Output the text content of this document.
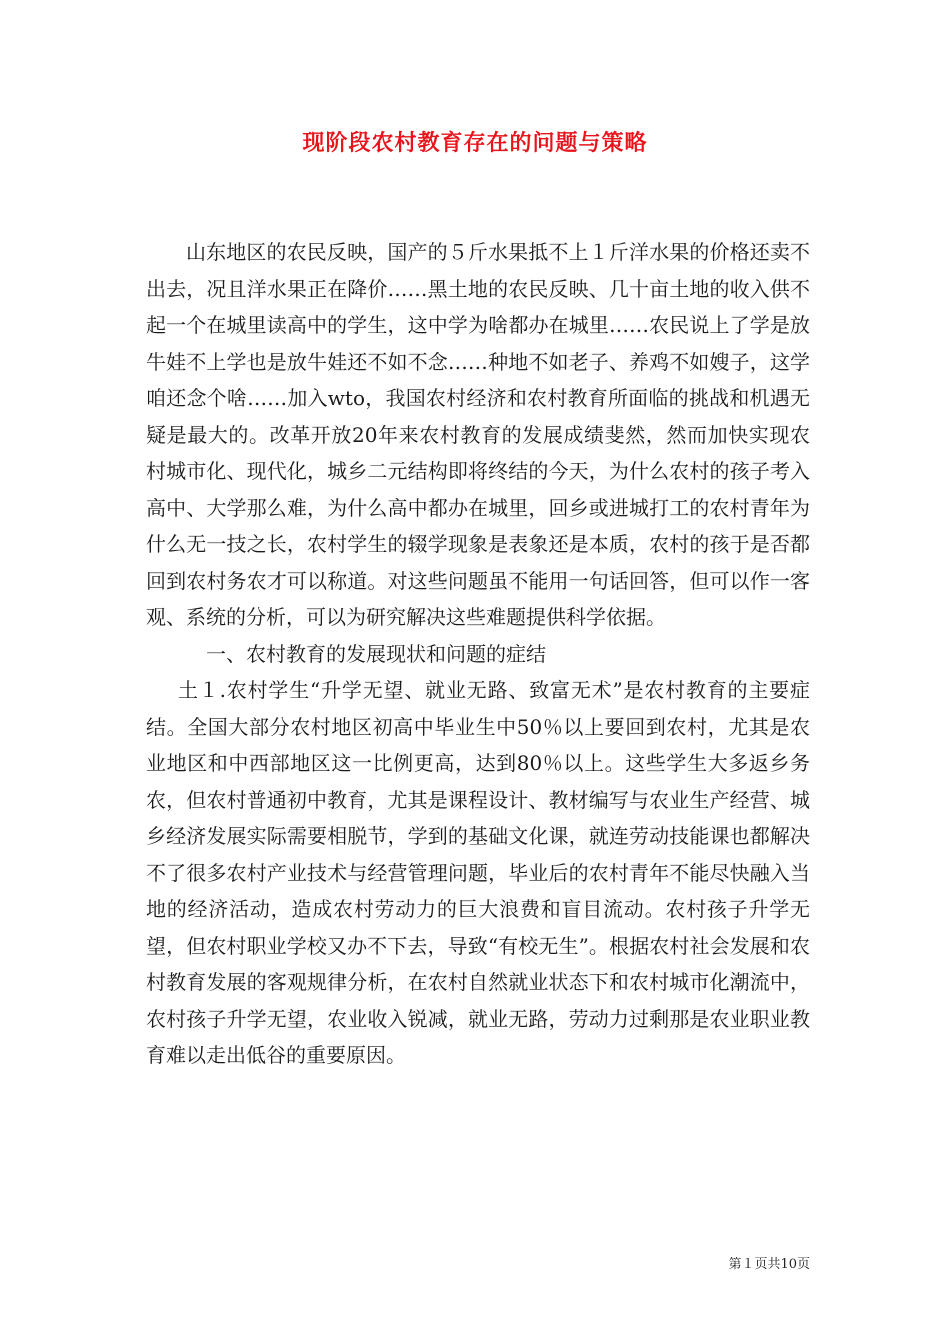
现阶段农村教育存在的问题与策略

山东地区的农民反映，国产的５斤水果抵不上１斤洋水果的价格还卖不出去，况且洋水果正在降价……黑土地的农民反映、几十亩土地的收入供不起一个在城里读高中的学生，这中学为啥都办在城里……农民说上了学是放牛娃不上学也是放牛娃还不如不念……种地不如老子、养鸡不如嫂子，这学咱还念个啥……加入wto，我国农村经济和农村教育所面临的挑战和机遇无疑是最大的。改革开放20年来农村教育的发展成绩斐然，然而加快实现农村城市化、现代化，城乡二元结构即将终结的今天，为什么农村的孩子考入高中、大学那么难，为什么高中都办在城里，回乡或进城打工的农村青年为什么无一技之长，农村学生的辍学现象是表象还是本质，农村的孩于是否都回到农村务农才可以称道。对这些问题虽不能用一句话回答，但可以作一客观、系统的分析，可以为研究解决这些难题提供科学依据。

一、农村教育的发展现状和问题的症结

土１.农村学生“升学无望、就业无路、致富无术”是农村教育的主要症结。全国大部分农村地区初高中毕业生中50％以上要回到农村，尤其是农业地区和中西部地区这一比例更高，达到80％以上。这些学生大多返乡务农，但农村普通初中教育，尤其是课程设计、教材编写与农业生产经营、城乡经济发展实际需要相脱节，学到的基础文化课，就连劳动技能课也都解决不了很多农村产业技术与经营管理问题，毕业后的农村青年不能尽快融入当地的经济活动，造成农村劳动力的巨大浪费和盲目流动。农村孩子升学无望，但农村职业学校又办不下去，导致“有校无生”。根据农村社会发展和农村教育发展的客观规律分析，在农村自然就业状态下和农村城市化潮流中，农村孩子升学无望，农业收入锐减，就业无路，劳动力过剩那是农业职业教育难以走出低谷的重要原因。

第１页共10页
